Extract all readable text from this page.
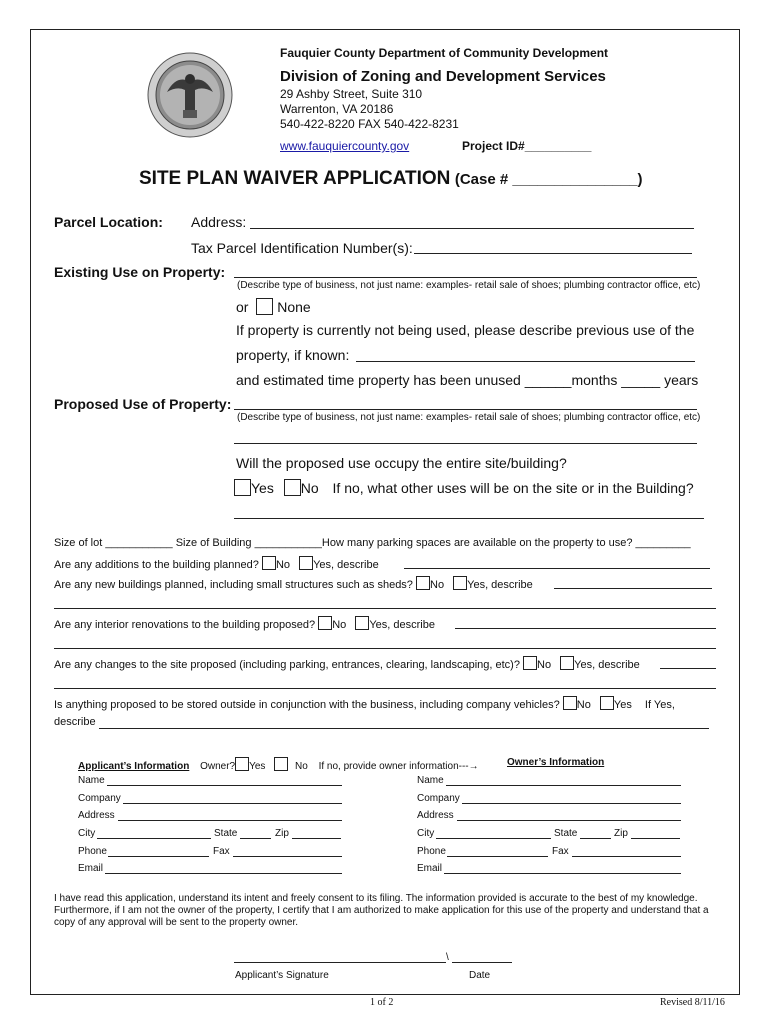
Fauquier County Department of Community Development
Division of Zoning and Development Services
29 Ashby Street, Suite 310
Warrenton, VA 20186
540-422-8220 FAX 540-422-8231
www.fauquiercounty.gov	Project ID#__________
SITE PLAN WAIVER APPLICATION (Case # _______________)
Parcel Location: Address:
Tax Parcel Identification Number(s):
Existing Use on Property:
(Describe type of business, not just name: examples- retail sale of shoes; plumbing contractor office, etc)
or None
If property is currently not being used, please describe previous use of the
property, if known:
and estimated time property has been unused ______months _____ years
Proposed Use of Property:
(Describe type of business, not just name: examples- retail sale of shoes; plumbing contractor office, etc)
Will the proposed use occupy the entire site/building?
Yes No If no, what other uses will be on the site or in the Building?
Size of lot ___________ Size of Building ___________How many parking spaces are available on the property to use? _________
Are any additions to the building planned? No Yes, describe
Are any new buildings planned, including small structures such as sheds? No Yes, describe
Are any interior renovations to the building proposed? No Yes, describe
Are any changes to the site proposed (including parking, entrances, clearing, landscaping, etc)? No Yes, describe
Is anything proposed to be stored outside in conjunction with the business, including company vehicles? No Yes If Yes,
describe
Applicant’s Information Owner? Yes	No If no, provide owner information---→	Owner’s Information
Name
Company
Address
City	State	Zip
Phone	Fax
Email
Name
Company
Address
City	State	Zip
Phone	Fax
Email
I have read this application, understand its intent and freely consent to its filing. The information provided is accurate to the best of my knowledge.
Furthermore, if I am not the owner of the property, I certify that I am authorized to make application for this use of the property and understand that a
copy of any approval will be sent to the property owner.
\
Applicant’s Signature	Date
1 of 2	Revised 8/11/16
